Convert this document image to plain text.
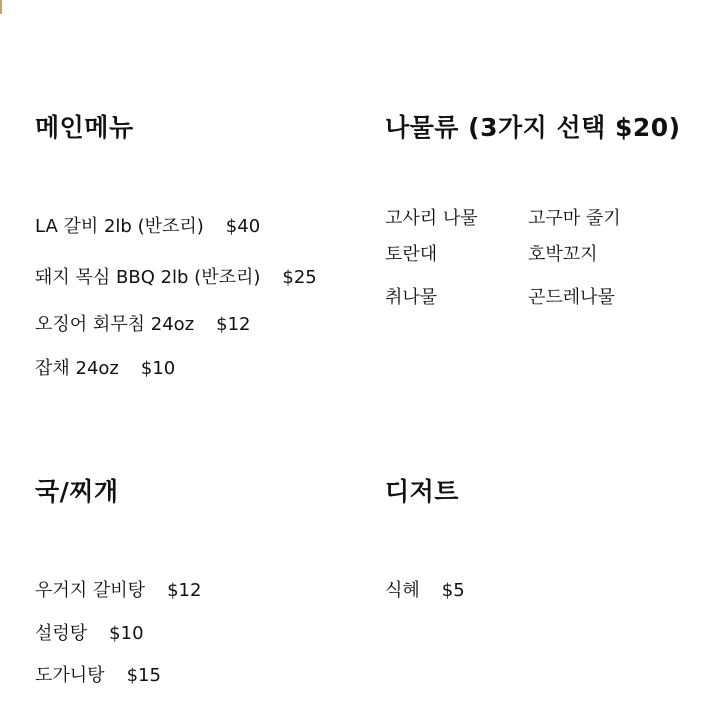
메인메뉴
LA 갈비 2lb (반조리) $40
돼지 목심 BBQ 2lb (반조리) $25
오징어 회무침 24oz $12
잡채 24oz $10
나물류 (3가지 선택 $20)
고사리 나물	고구마 줄기
토란대	호박꼬지
취나물	곤드레나물
국/찌개
우거지 갈비탕 $12
설렁탕 $10
도가니탕 $15
디저트
식혜 $5
